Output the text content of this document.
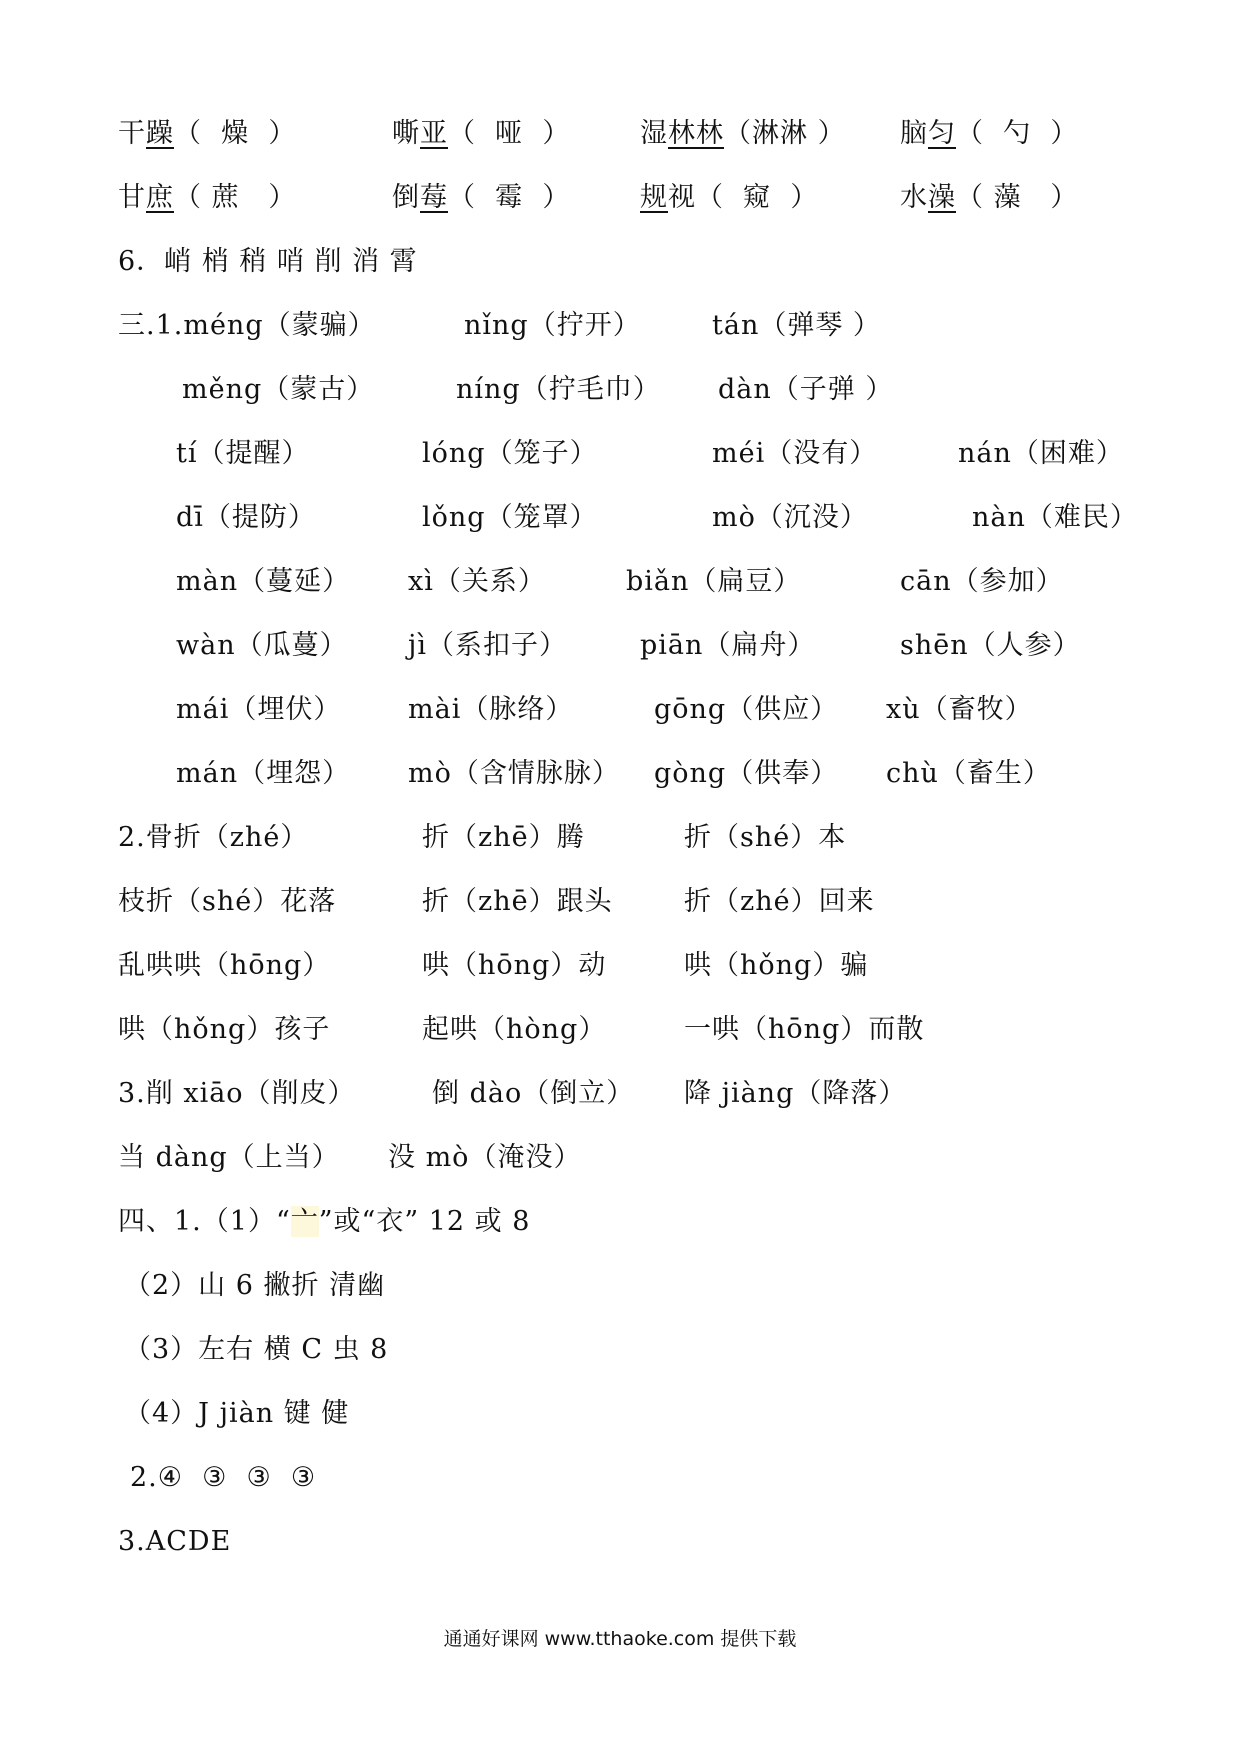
干躁（  燥  ）	嘶亚（  哑  ）	湿林林（淋淋 ） 脑匀（  勺  ）
甘庶（ 蔗   ）	倒莓（  霉  ）	规视（  窥  ）	水澡（ 藻   ）
6．峭 梢 稍 哨 削 消 霄
三.1.méng（蒙骗）	nǐng（拧开）	tán（弹琴 ）
měng（蒙古）	níng（拧毛巾） dàn（子弹 ）
tí（提醒）	lóng（笼子）	méi（没有）	nán（困难）
dī（提防）	lǒng（笼罩）	mò（沉没）	nàn（难民）
màn（蔓延） xì（关系）	biǎn（扁豆）	cān（参加）
wàn（瓜蔓） jì（系扣子）	piān（扁舟）	shēn（人参）
mái（埋伏） mài（脉络）	gōng（供应） xù（畜牧）
mán（埋怨） mò（含情脉脉） gòng（供奉） chù（畜生）
2.骨折（zhé）	折（zhē）腾	折（shé）本
枝折（shé）花落	折（zhē）跟头	折（zhé）回来
乱哄哄（hōng）	哄（hōng）动	哄（hǒng）骗
哄（hǒng）孩子	起哄（hòng）	一哄（hōng）而散
3.削 xiāo（削皮）	倒 dào（倒立） 降 jiàng（降落）
当 dàng（上当） 没 mò（淹没）
四、1.（1）“亠”或“衣” 12 或 8
（2）山 6 撇折 清幽
（3）左右 横 C 虫 8
（4）J jiàn 键 健
2.④  ③  ③  ③
3.ACDE
通通好课网 www.tthaoke.com 提供下载
